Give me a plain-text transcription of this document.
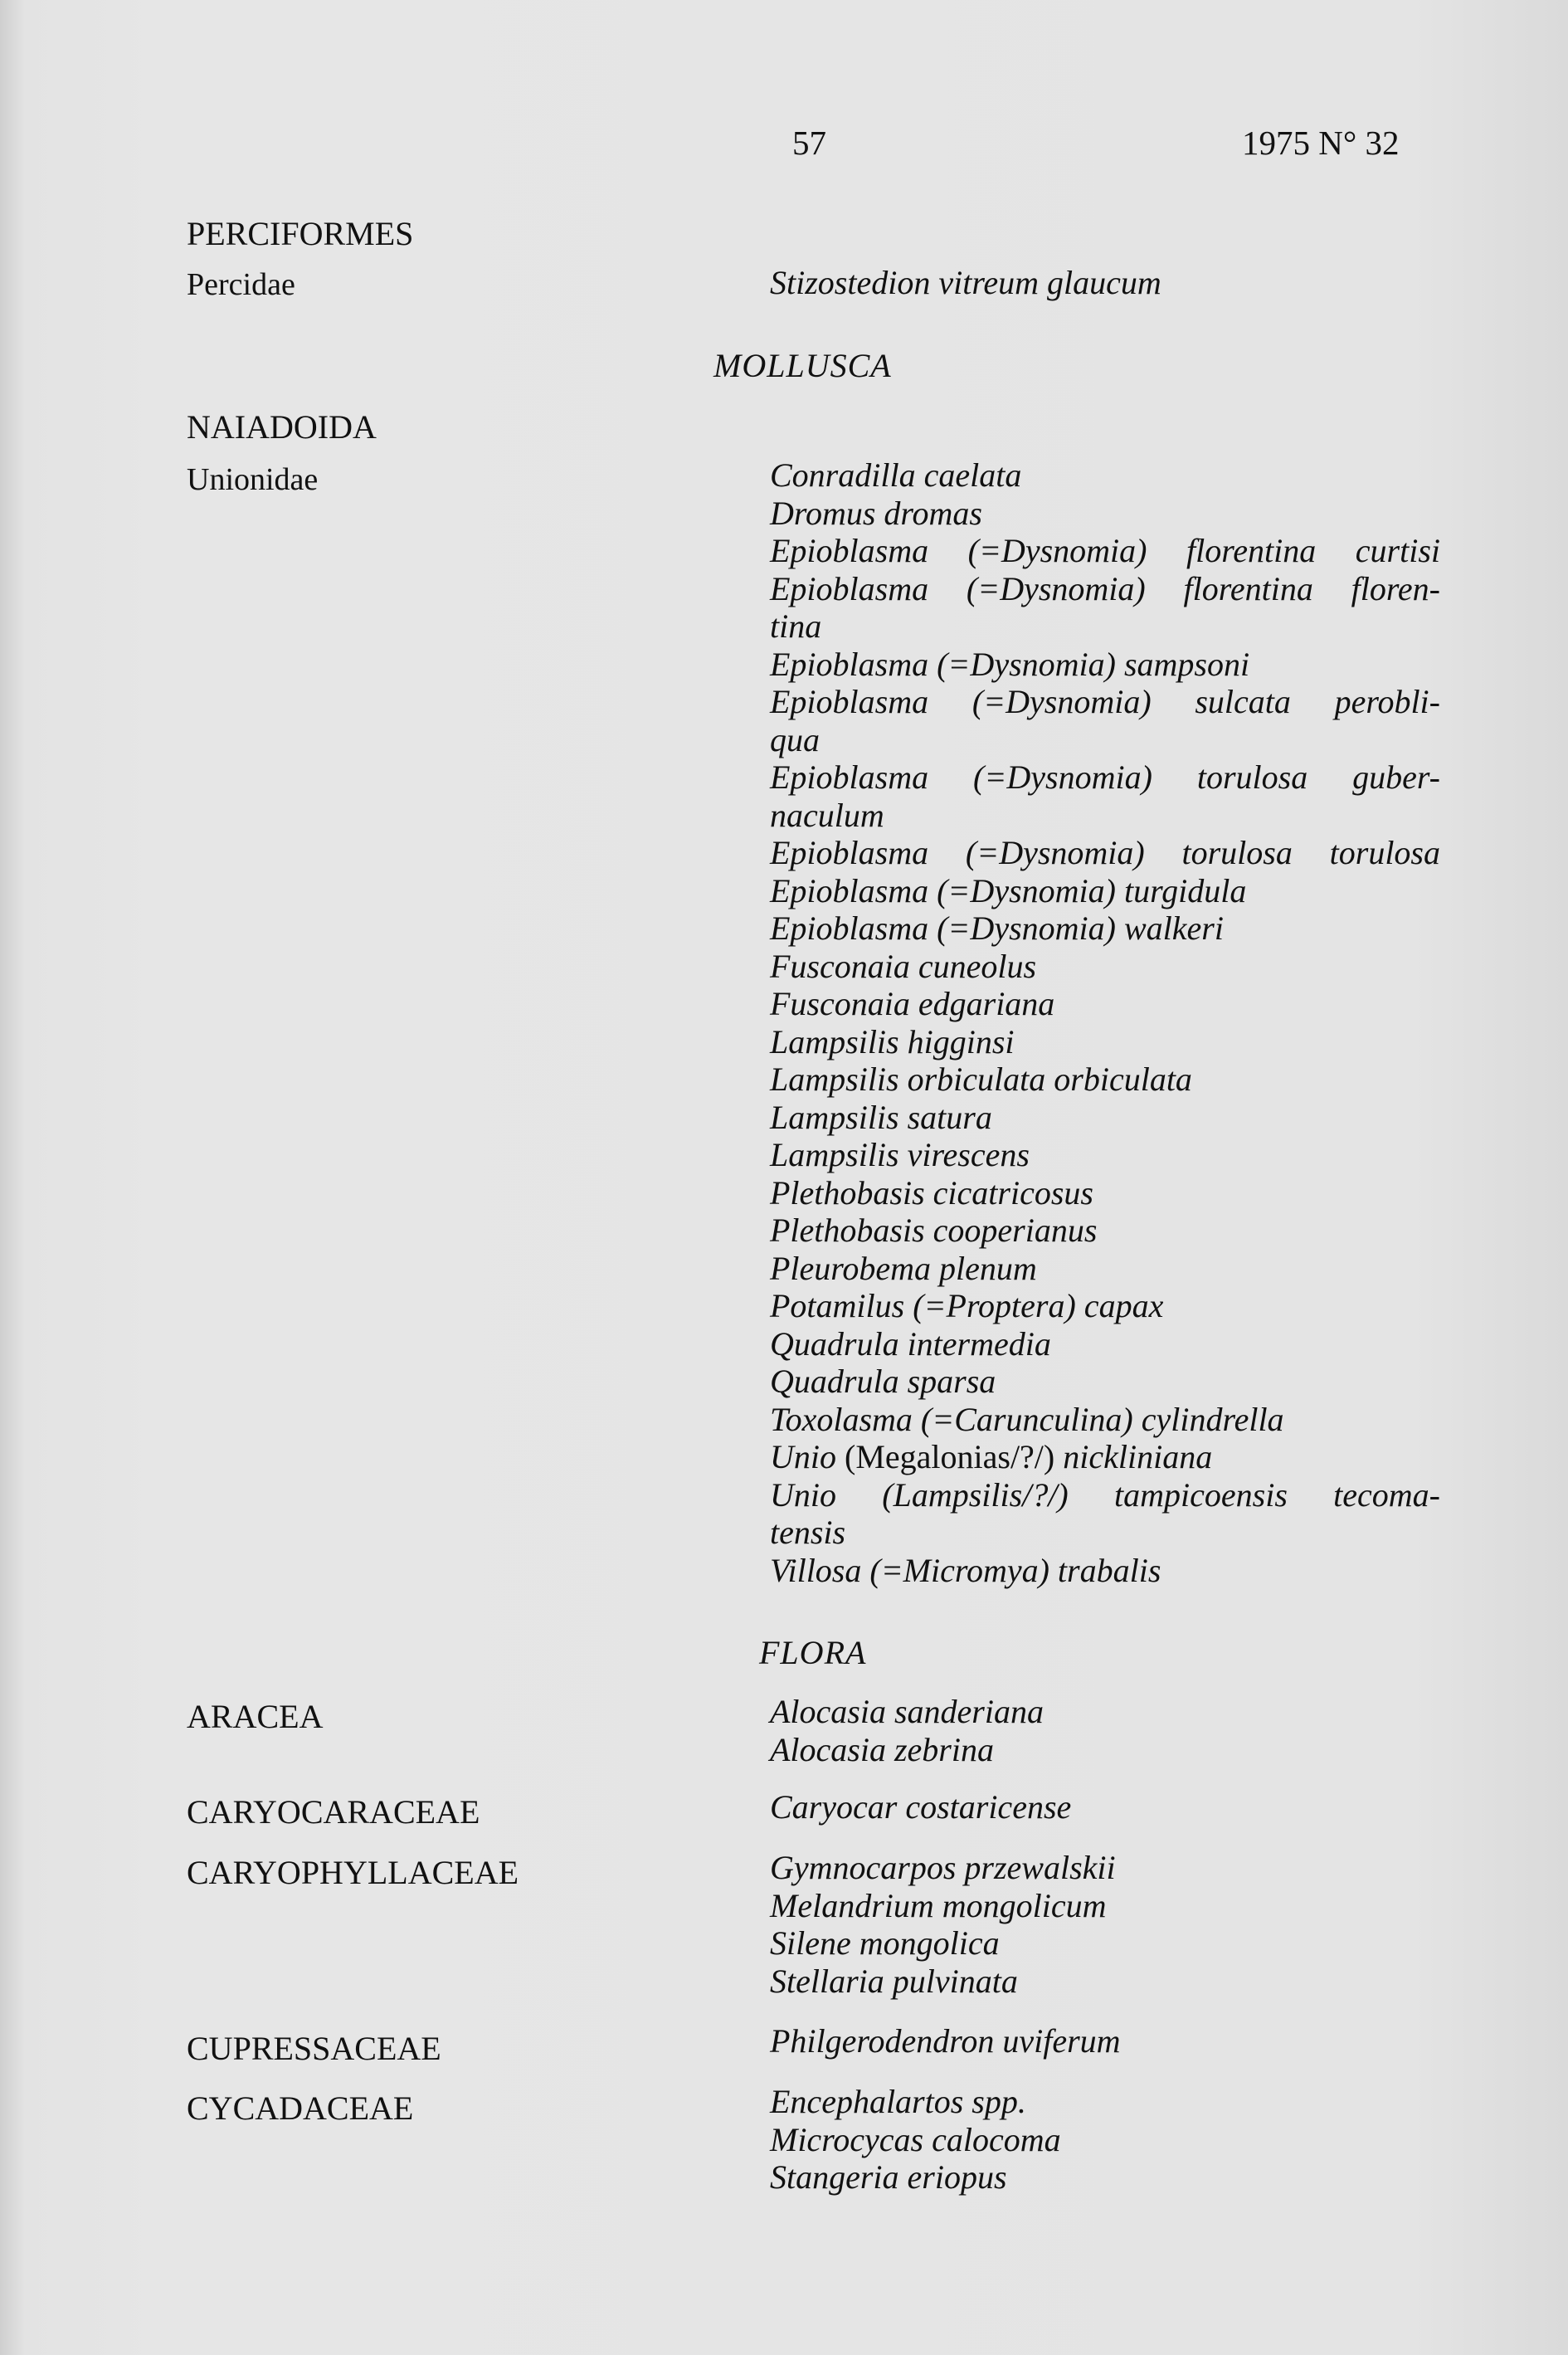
57	1975 N° 32
PERCIFORMES
Percidae	Stizostedion vitreum glaucum
MOLLUSCA
NAIADOIDA
Unionidae	Conradilla caelata
Dromus dromas
Epioblasma (=Dysnomia) florentina curtisi
Epioblasma (=Dysnomia) florentina floren-
tina
Epioblasma (=Dysnomia) sampsoni
Epioblasma (=Dysnomia) sulcata perobli-
qua
Epioblasma (=Dysnomia) torulosa guber-
naculum
Epioblasma (=Dysnomia) torulosa torulosa
Epioblasma (=Dysnomia) turgidula
Epioblasma (=Dysnomia) walkeri
Fusconaia cuneolus
Fusconaia edgariana
Lampsilis higginsi
Lampsilis orbiculata orbiculata
Lampsilis satura
Lampsilis virescens
Plethobasis cicatricosus
Plethobasis cooperianus
Pleurobema plenum
Potamilus (=Proptera) capax
Quadrula intermedia
Quadrula sparsa
Toxolasma (=Carunculina) cylindrella
Unio (Megalonias/?/) nickliniana
Unio (Lampsilis/?/) tampicoensis tecoma-
tensis
Villosa (=Micromya) trabalis
FLORA
ARACEA	Alocasia sanderiana
Alocasia zebrina
CARYOCARACEAE	Caryocar costaricense
CARYOPHYLLACEAE	Gymnocarpos przewalskii
Melandrium mongolicum
Silene mongolica
Stellaria pulvinata
CUPRESSACEAE	Philgerodendron uviferum
CYCADACEAE	Encephalartos spp.
Microcycas calocoma
Stangeria eriopus
